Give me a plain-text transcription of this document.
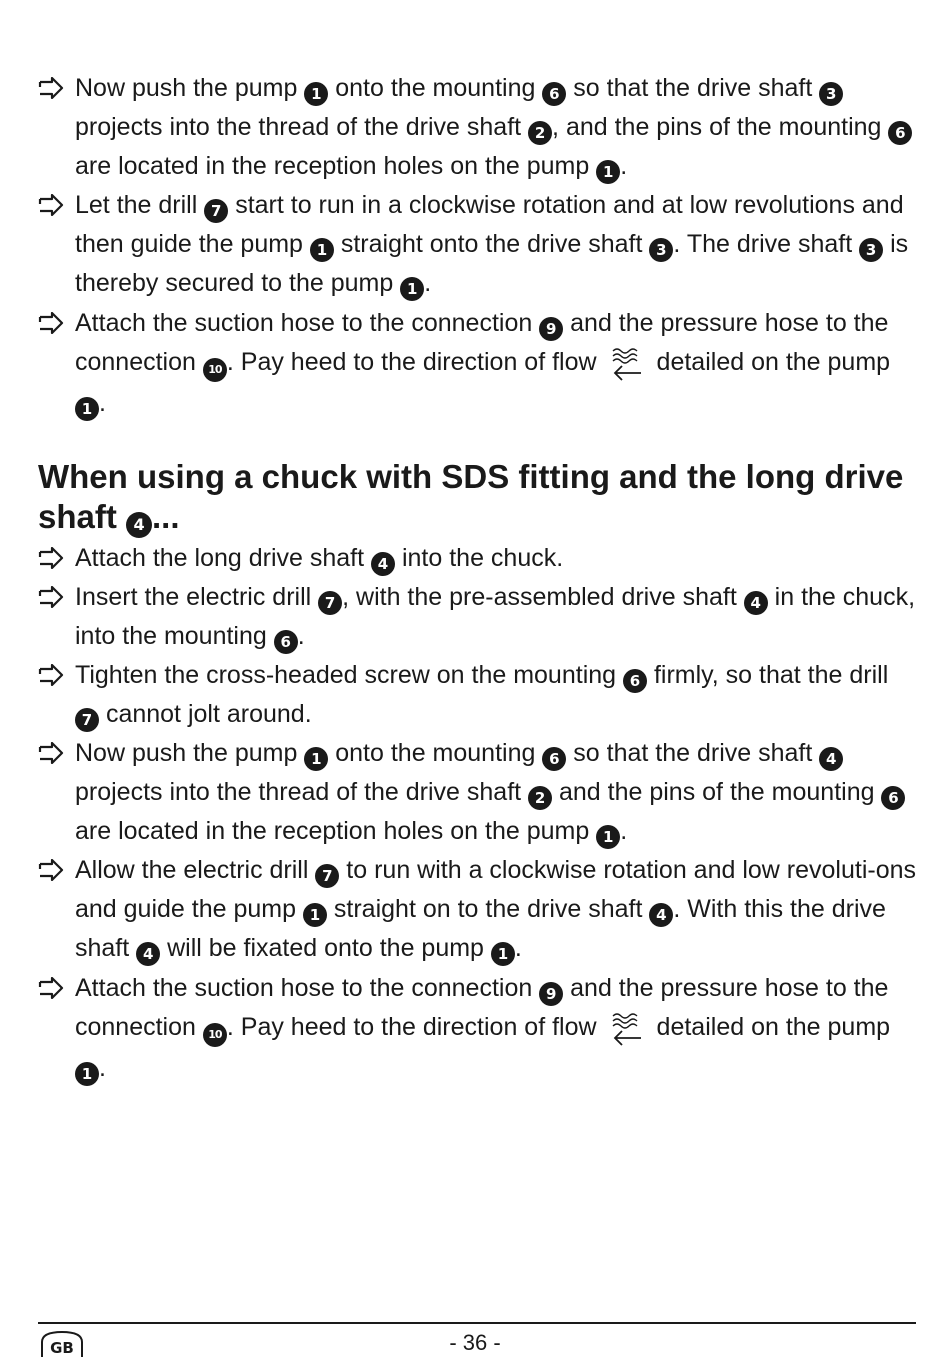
Now push the pump 1 onto the mounting 6 so that the drive shaft 3 projects into the thread of the drive shaft 2 , and the pins of the mounting 6 are located in the reception holes on the pump 1 .
Let the drill 7 start to run in a clockwise rotation and at low revolutions and then guide the pump 1 straight onto the drive shaft 3 . The drive shaft 3 is thereby secured to the pump 1 .
Attach the suction hose to the connection 9 and the pressure hose to the connection 10 . Pay heed to the direction of flow detailed on the pump 1 .
When using a chuck with SDS fitting and the long drive shaft 4 ...
Attach the long drive shaft 4 into the chuck.
Insert the electric drill 7 , with the pre-assembled drive shaft 4 in the chuck, into the mounting 6 .
Tighten the cross-headed screw on the mounting 6 firmly, so that the drill 7 cannot jolt around.
Now push the pump 1 onto the mounting 6 so that the drive shaft 4 projects into the thread of the drive shaft 2 and the pins of the mounting 6 are located in the reception holes on the pump 1 .
Allow the electric drill 7 to run with a clockwise rotation and low revoluti-ons and guide the pump 1 straight on to the drive shaft 4 . With this the drive shaft 4 will be fixated onto the pump 1 .
Attach the suction hose to the connection 9 and the pressure hose to the connection 10 . Pay heed to the direction of flow detailed on the pump 1 .
GB	- 36 -
